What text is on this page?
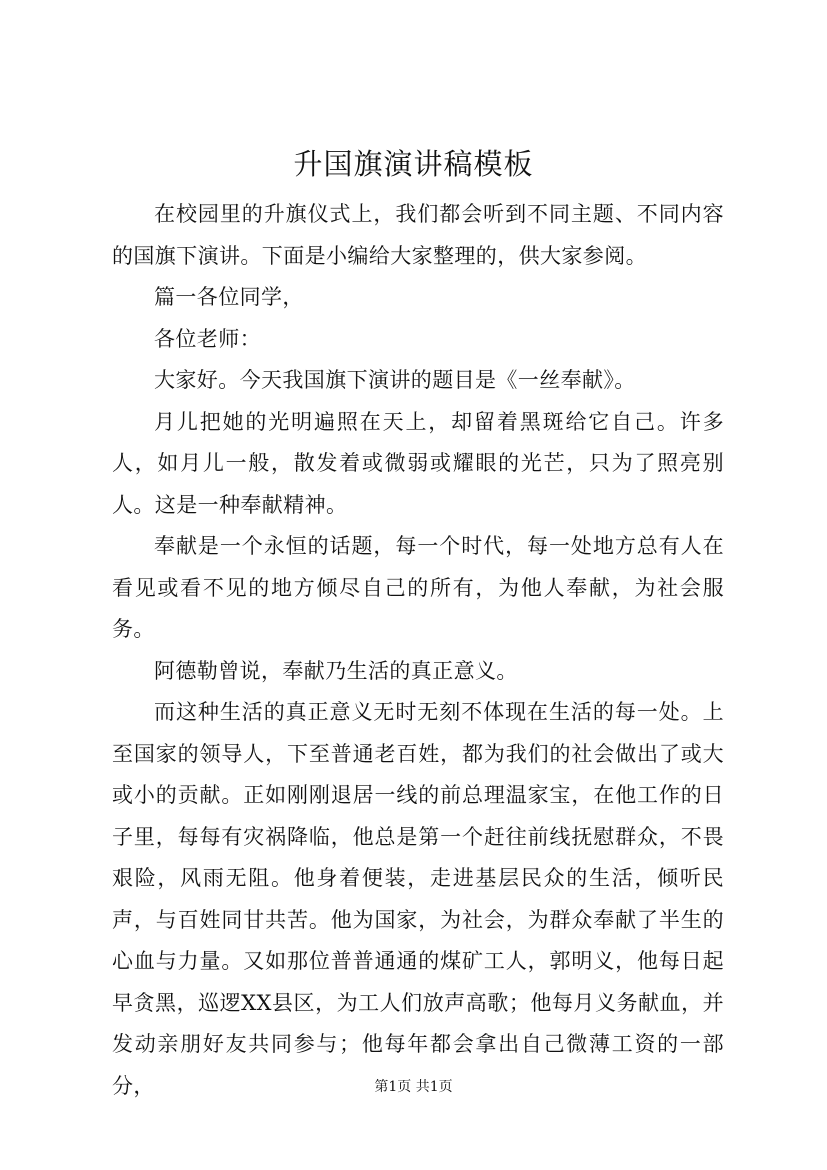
升国旗演讲稿模板

在校园里的升旗仪式上，我们都会听到不同主题、不同内容的国旗下演讲。下面是小编给大家整理的，供大家参阅。

篇一各位同学，

各位老师：

大家好。今天我国旗下演讲的题目是《一丝奉献》。

月儿把她的光明遍照在天上，却留着黑斑给它自己。许多人，如月儿一般，散发着或微弱或耀眼的光芒，只为了照亮别人。这是一种奉献精神。

奉献是一个永恒的话题，每一个时代，每一处地方总有人在看见或看不见的地方倾尽自己的所有，为他人奉献，为社会服务。

阿德勒曾说，奉献乃生活的真正意义。

而这种生活的真正意义无时无刻不体现在生活的每一处。上至国家的领导人，下至普通老百姓，都为我们的社会做出了或大或小的贡献。正如刚刚退居一线的前总理温家宝，在他工作的日子里，每每有灾祸降临，他总是第一个赶往前线抚慰群众，不畏艰险，风雨无阻。他身着便装，走进基层民众的生活，倾听民声，与百姓同甘共苦。他为国家，为社会，为群众奉献了半生的心血与力量。又如那位普普通通的煤矿工人，郭明义，他每日起早贪黑，巡逻XX县区，为工人们放声高歌；他每月义务献血，并发动亲朋好友共同参与；他每年都会拿出自己微薄工资的一部分，	第1页 共1页
